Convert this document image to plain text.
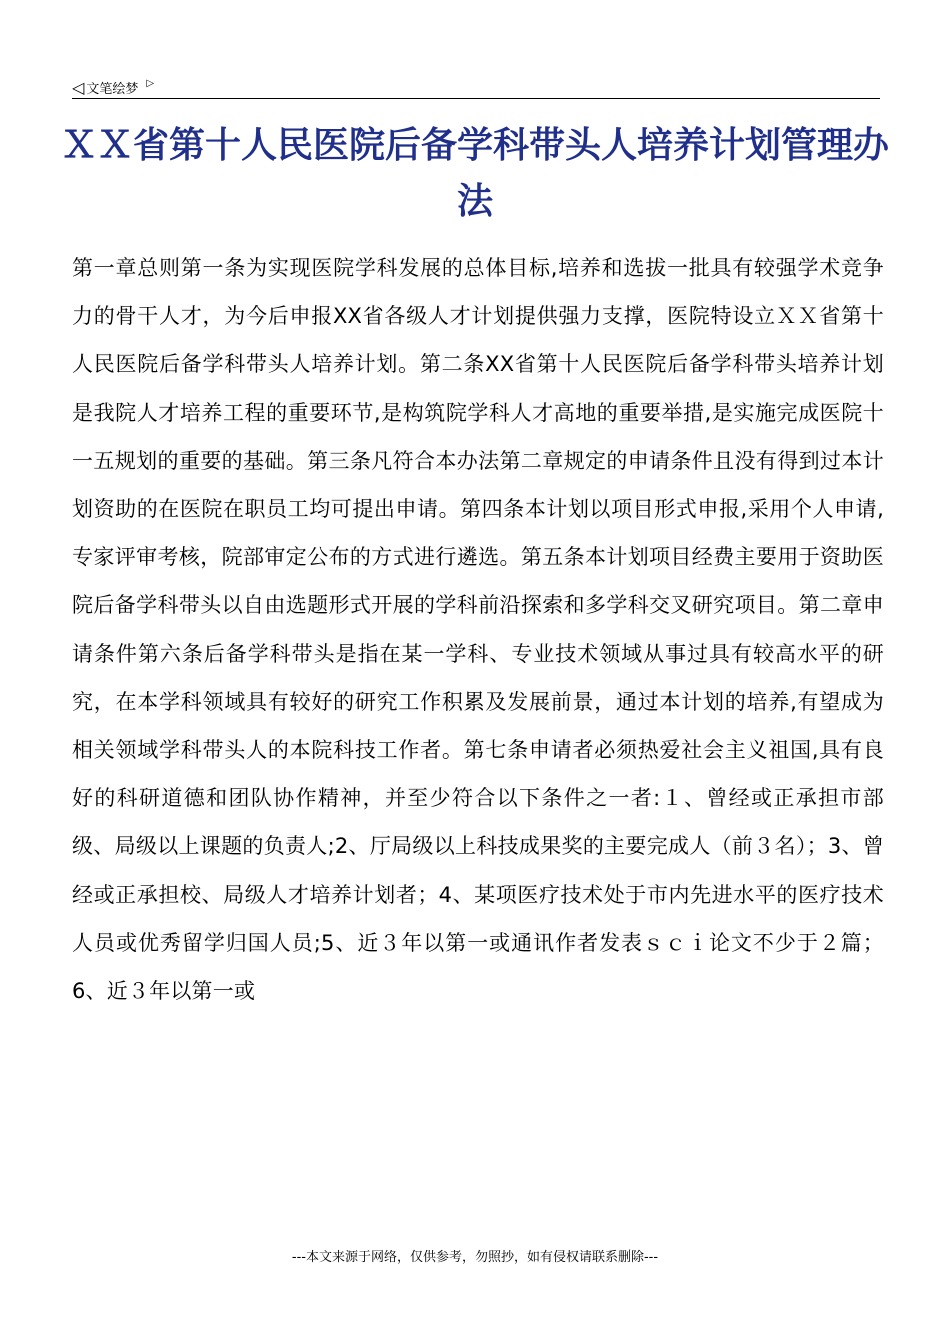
◁ 文笔绘梦 ▷
ＸＸ省第十人民医院后备学科带头人培养计划管理办法
第一章总则第一条为实现医院学科发展的总体目标,培养和选拔一批具有较强学术竞争力的骨干人才，为今后申报XX省各级人才计划提供强力支撑，医院特设立ＸＸ省第十人民医院后备学科带头人培养计划。第二条XX省第十人民医院后备学科带头培养计划是我院人才培养工程的重要环节,是构筑院学科人才高地的重要举措,是实施完成医院十一五规划的重要的基础。第三条凡符合本办法第二章规定的申请条件且没有得到过本计划资助的在医院在职员工均可提出申请。第四条本计划以项目形式申报,采用个人申请,专家评审考核，院部审定公布的方式进行遴选。第五条本计划项目经费主要用于资助医院后备学科带头以自由选题形式开展的学科前沿探索和多学科交叉研究项目。第二章申请条件第六条后备学科带头是指在某一学科、专业技术领域从事过具有较高水平的研究，在本学科领域具有较好的研究工作积累及发展前景，通过本计划的培养,有望成为相关领域学科带头人的本院科技工作者。第七条申请者必须热爱社会主义祖国,具有良好的科研道德和团队协作精神，并至少符合以下条件之一者:１、曾经或正承担市部级、局级以上课题的负责人;2、厅局级以上科技成果奖的主要完成人（前３名）；3、曾经或正承担校、局级人才培养计划者；4、某项医疗技术处于市内先进水平的医疗技术人员或优秀留学归国人员;5、近３年以第一或通讯作者发表ｓｃｉ论文不少于２篇；6、近３年以第一或
---本文来源于网络，仅供参考，勿照抄，如有侵权请联系删除---
